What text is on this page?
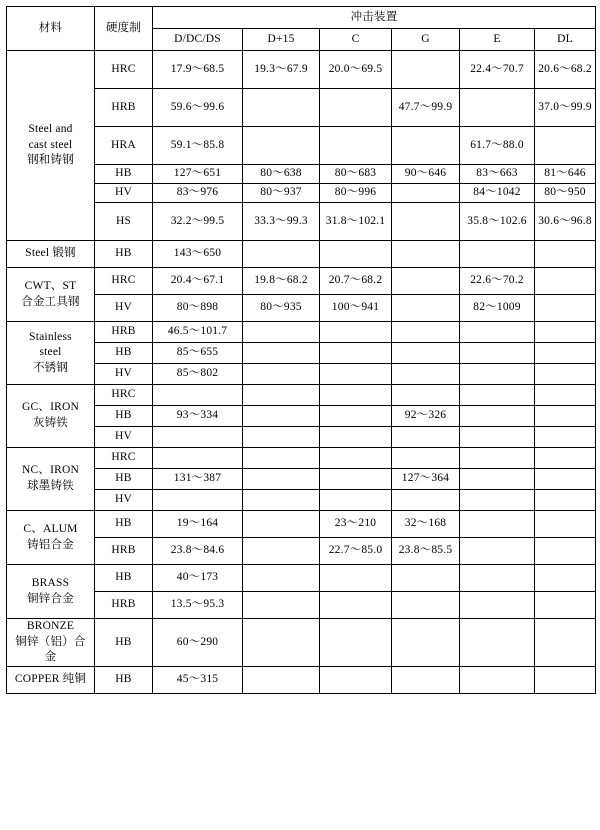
材料	硬度制	冲击装置					
		D/DC/DS	D+15	C	G	E	DL
Steel and
cast steel
钢和铸钢	HRC	17.9～68.5	19.3～67.9	20.0～69.5		22.4～70.7	20.6～68.2
	HRB	59.6～99.6			47.7～99.9		37.0～99.9
	HRA	59.1～85.8				61.7～88.0	
	HB	127～651	80～638	80～683	90～646	83～663	81～646
	HV	83～976	80～937	80～996		84～1042	80～950
	HS	32.2～99.5	33.3～99.3	31.8～102.1		35.8～102.6	30.6～96.8
Steel 锻钢	HB	143～650					
CWT、ST
合金工具钢	HRC	20.4～67.1	19.8～68.2	20.7～68.2		22.6～70.2	
	HV	80～898	80～935	100～941		82～1009	
Stainless
steel
不锈钢	HRB	46.5～101.7					
	HB	85～655					
	HV	85～802					
GC、IRON
灰铸铁	HRC						
	HB	93～334			92～326		
	HV						
NC、IRON
球墨铸铁	HRC						
	HB	131～387			127～364		
	HV						
C、ALUM
铸铝合金	HB	19～164		23～210	32～168		
	HRB	23.8～84.6		22.7～85.0	23.8～85.5		
BRASS
铜锌合金	HB	40～173					
	HRB	13.5～95.3					
BRONZE
铜锌（铝）合
金	HB	60～290					
COPPER 纯铜	HB	45～315					
